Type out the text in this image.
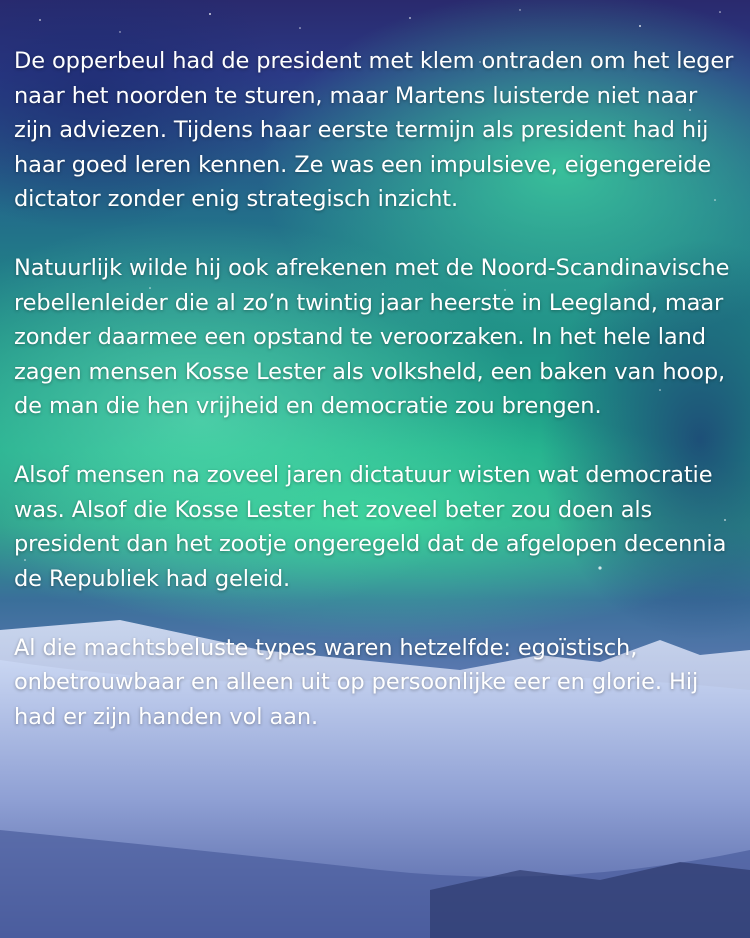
De opperbeul had de president met klem ontraden om het leger naar het noorden te sturen, maar Martens luisterde niet naar zijn adviezen. Tijdens haar eerste termijn als president had hij haar goed leren kennen. Ze was een impulsieve, eigengereide dictator zonder enig strategisch inzicht.

Natuurlijk wilde hij ook afrekenen met de Noord-Scandinavische rebellenleider die al zo’n twintig jaar heerste in Leegland, maar zonder daarmee een opstand te veroorzaken. In het hele land zagen mensen Kosse Lester als volksheld, een baken van hoop, de man die hen vrijheid en democratie zou brengen.

Alsof mensen na zoveel jaren dictatuur wisten wat democratie was. Alsof die Kosse Lester het zoveel beter zou doen als president dan het zootje ongeregeld dat de afgelopen decennia de Republiek had geleid.

Al die machtsbeluste types waren hetzelfde: egoïstisch, onbetrouwbaar en alleen uit op persoonlijke eer en glorie. Hij had er zijn handen vol aan.
